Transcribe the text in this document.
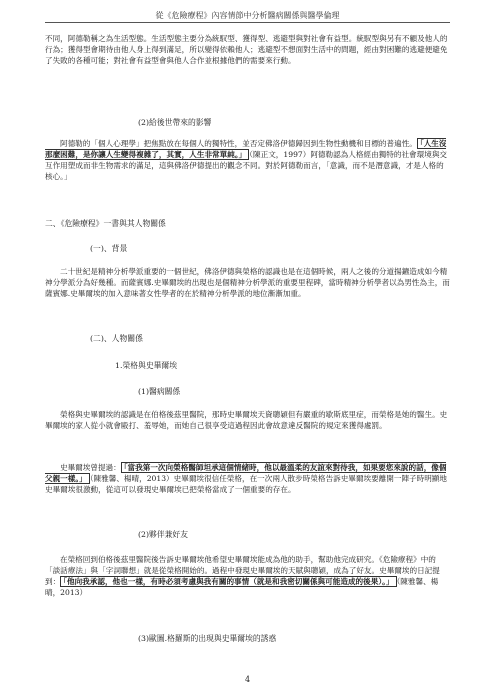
從《危險療程》內容情節中分析醫病關係與醫學倫理
不同，阿德勒稱之為生活型態。生活型態主要分為統馭型、獲得型、逃避型與對社會有益型。統馭型與另有不顧及他人的行為；獲得型會期待由他人身上得到滿足，所以變得依賴他人；逃避型不想面對生活中的問題，經由對困難的逃避便避免了失敗的各種可能；對社會有益型會與他人合作並根據他們的需要來行動。
(2)給後世帶來的影響
阿德勒的「個人心理學」把焦點放在每個人的獨特性，並否定佛洛伊德歸因到生物性動機和目標的普遍性。 「人生沒那麼困難，是你讓人生變得複雜了，其實，人生非常單純。」 （陳正文，1997）阿德勒認為人格經由獨特的社會環境與交互作用塑成而非生物需求的滿足，這與佛洛伊德提出的觀念不同。對於阿德勒而言，「意識，而不是潛意識，才是人格的核心。」
二、《危險療程》一書與其人物關係
(一)、背景
二十世紀是精神分析學派重要的一個世紀，佛洛伊德與榮格的認識也是在這個時候，兩人之後的分道揚鑣造成如今精神分學派分為好幾種。而薩賓娜.史畢爾埃的出現也是個精神分析學派的重要里程碑，當時精神分析學者以為男性為主，而薩賓娜.史畢爾埃的加入意味著女性學者的在於精神分析學派的地位漸漸加重。
(二)、人物關係
1.榮格與史畢爾埃
(1)醫病關係
榮格與史畢爾埃的認識是在伯格後茲里醫院，那時史畢爾埃天資聰穎但有嚴重的歇斯底里症，而榮格是她的醫生。史畢爾埃的家人從小就會毆打、羞辱她，而她自己很享受這過程因此會故意違反醫院的規定來獲得處罰。
史畢爾埃曾提過： 「當我第一次向榮格醫師坦承這個情緒時，他以最溫柔的友誼來對待我，如果要您來說的話，像個父親一樣。」 （陳雅馨、楊晴，2013）史畢爾埃很信任榮格，在一次兩人散步時榮格告訴史畢爾埃要離開一陣子時明顯地史畢爾埃很激動，從這可以發現史畢爾埃已把榮格當成了一個重要的存在。
(2)夥伴兼好友
在榮格回到伯格後茲里醫院後告訴史畢爾埃他希望史畢爾埃能成為他的助手，幫助他完成研究。《危險療程》中的「談話療法」與「字詞聯想」就是從榮格開始的。過程中發現史畢爾埃的天賦與聰穎，成為了好友。史畢爾埃的日記提到： 「他向我承認，他也一樣，有時必須考慮與我有關的事情（就是和我密切關係與可能造成的後果）。」 （陳雅馨、楊晴，2013）
(3)歐圖.格羅斯的出現與史畢爾埃的誘惑
4
